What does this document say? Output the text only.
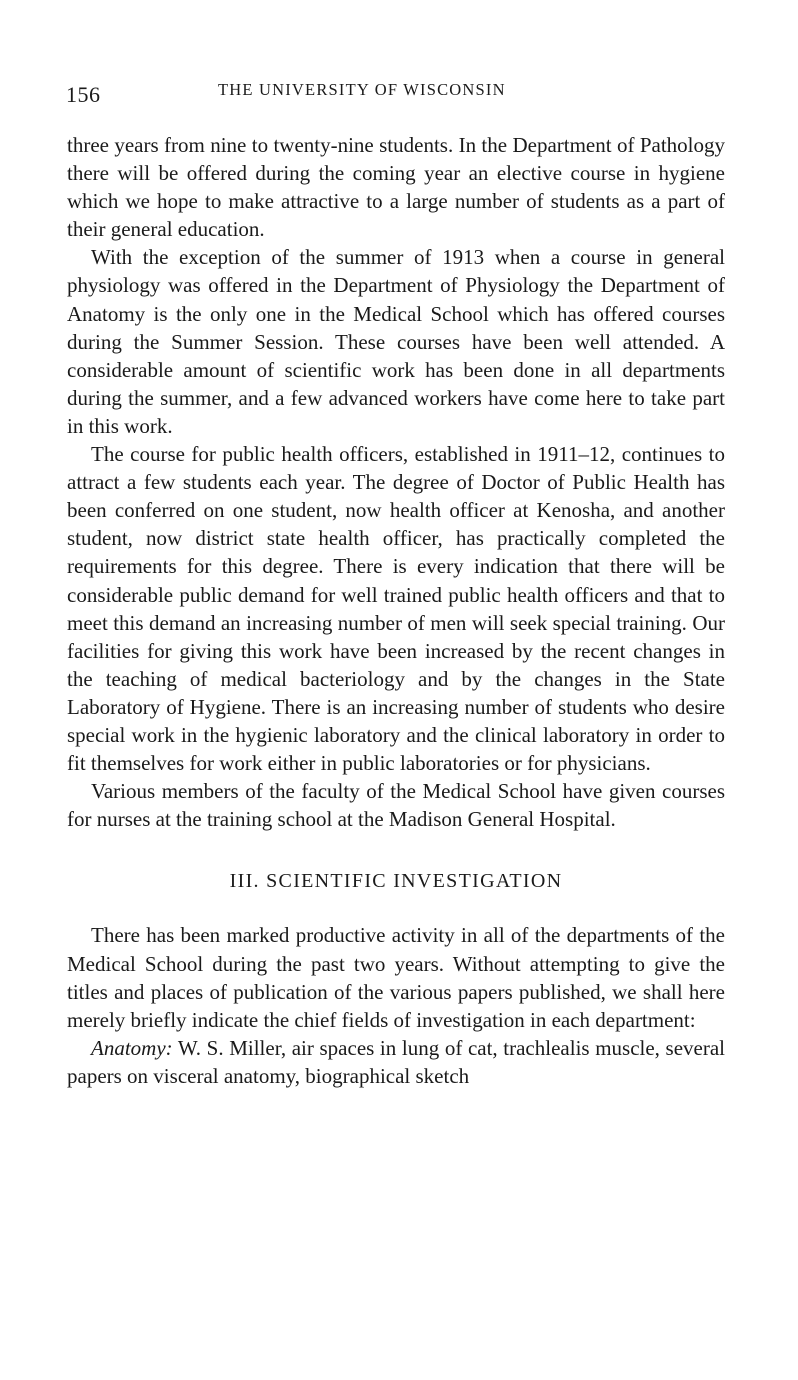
156	THE UNIVERSITY OF WISCONSIN

three years from nine to twenty-nine students. In the Department of Pathology there will be offered during the coming year an elective course in hygiene which we hope to make attractive to a large number of students as a part of their general education.

With the exception of the summer of 1913 when a course in general physiology was offered in the Department of Physiology the Department of Anatomy is the only one in the Medical School which has offered courses during the Summer Session. These courses have been well attended. A considerable amount of scientific work has been done in all departments during the summer, and a few advanced workers have come here to take part in this work.

The course for public health officers, established in 1911–12, continues to attract a few students each year. The degree of Doctor of Public Health has been conferred on one student, now health officer at Kenosha, and another student, now district state health officer, has practically completed the requirements for this degree. There is every indication that there will be considerable public demand for well trained public health officers and that to meet this demand an increasing number of men will seek special training. Our facilities for giving this work have been increased by the recent changes in the teaching of medical bacteriology and by the changes in the State Laboratory of Hygiene. There is an increasing number of students who desire special work in the hygienic laboratory and the clinical laboratory in order to fit themselves for work either in public laboratories or for physicians.

Various members of the faculty of the Medical School have given courses for nurses at the training school at the Madison General Hospital.

III. SCIENTIFIC INVESTIGATION

There has been marked productive activity in all of the departments of the Medical School during the past two years. Without attempting to give the titles and places of publication of the various papers published, we shall here merely briefly indicate the chief fields of investigation in each department:

Anatomy: W. S. Miller, air spaces in lung of cat, trachlealis muscle, several papers on visceral anatomy, biographical sketch
